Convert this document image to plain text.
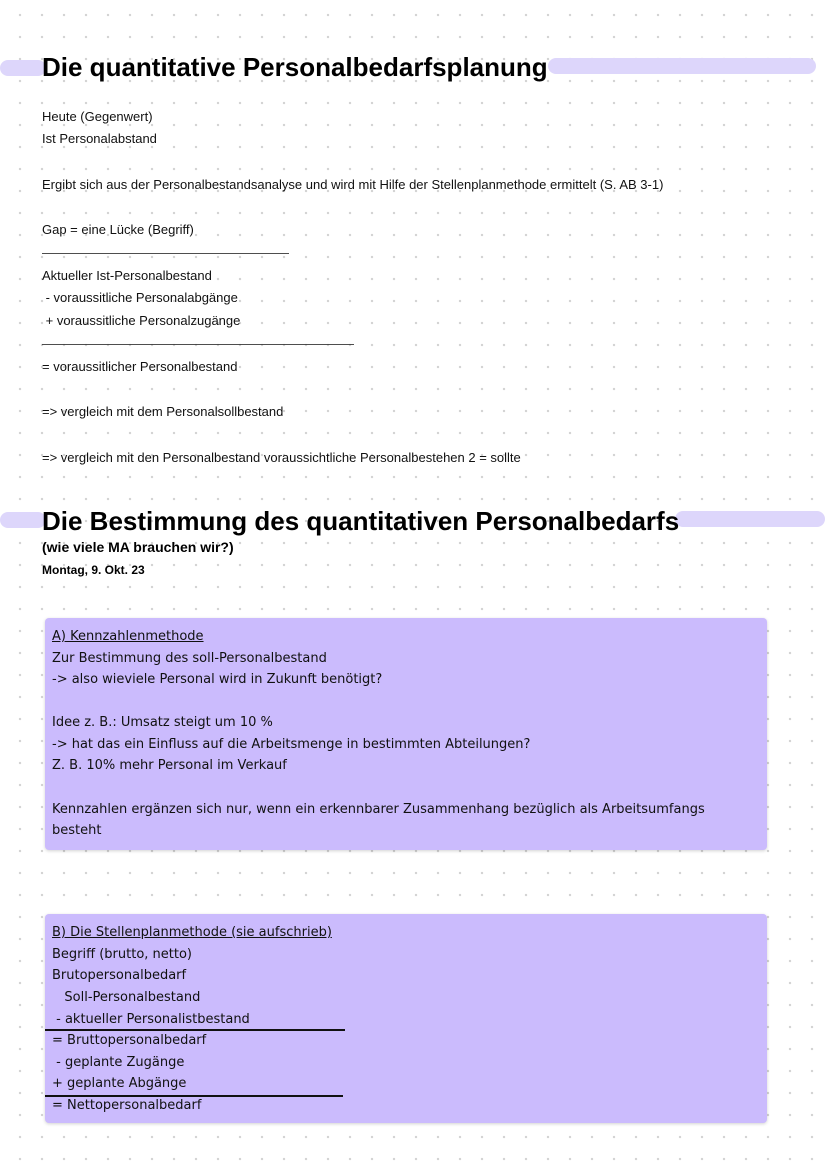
Die quantitative Personalbedarfsplanung
Heute (Gegenwert)
Ist Personalabstand
Ergibt sich aus der Personalbestandsanalyse und wird mit Hilfe der Stellenplanmethode ermittelt (S. AB 3-1)
Gap = eine Lücke (Begriff)
———————————————————
Aktueller Ist-Personalbestand
- voraussitliche Personalabgänge
+ voraussitliche Personalzugänge
————————————————————————
= voraussitlicher Personalbestand
=> vergleich mit dem Personalsollbestand
=> vergleich mit den Personalbestand voraussichtliche Personalbestehen 2 = sollte
Die Bestimmung des quantitativen Personalbedarfs
(wie viele MA brauchen wir?)
Montag, 9. Okt. 23
A) Kennzahlenmethode
Zur Bestimmung des soll-Personalbestand
-> also wieviele Personal wird in Zukunft benötigt?
Idee z. B.: Umsatz steigt um 10 %
-> hat das ein Einfluss auf die Arbeitsmenge in bestimmten Abteilungen?
Z. B. 10% mehr Personal im Verkauf
Kennzahlen ergänzen sich nur, wenn ein erkennbarer Zusammenhang bezüglich als Arbeitsumfangs
besteht
B) Die Stellenplanmethode (sie aufschrieb)
Begriff (brutto, netto)
Brutopersonalbedarf
Soll-Personalbestand
- aktueller Personalistbestand
= Bruttopersonalbedarf
- geplante Zugänge
+ geplante Abgänge
= Nettopersonalbedarf
